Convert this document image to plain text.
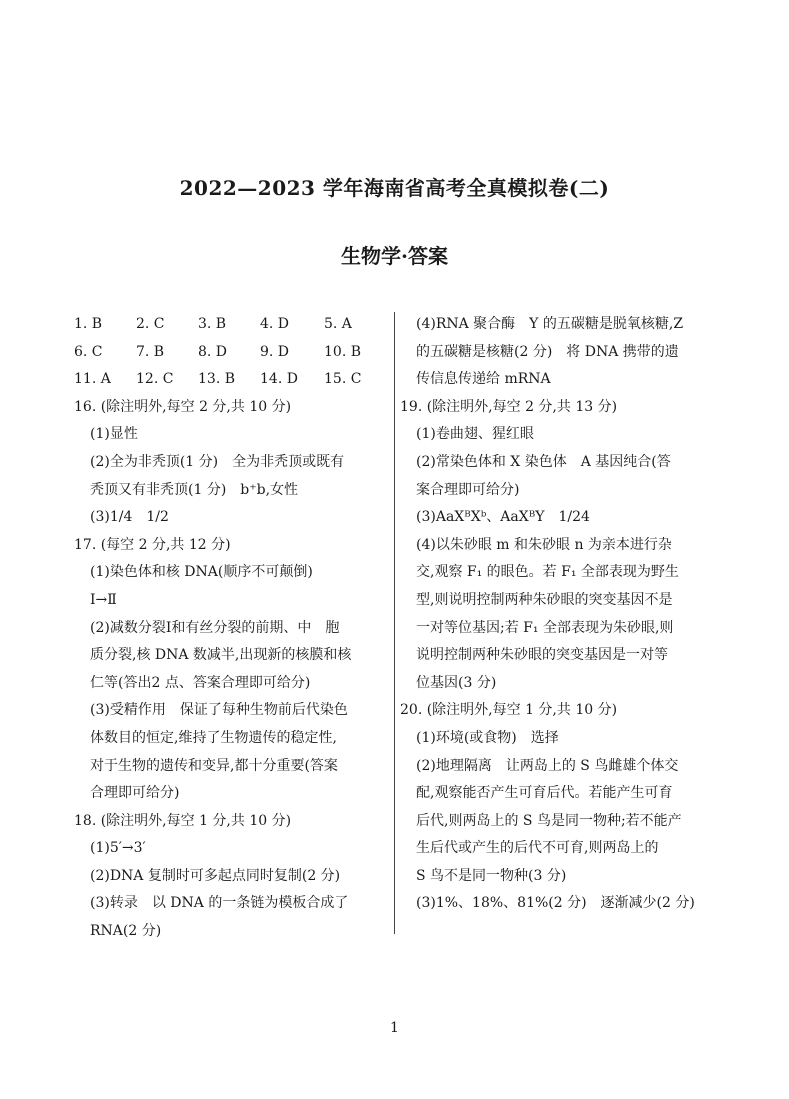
2022—2023 学年海南省高考全真模拟卷(二)
生物学·答案
1. B	2. C	3. B	4. D	5. A
6. C	7. B	8. D	9. D	10. B
11. A	12. C	13. B	14. D	15. C
16. (除注明外,每空 2 分,共 10 分)
(1)显性
(2)全为非秃顶(1 分)　全为非秃顶或既有
秃顶又有非秃顶(1 分)　b⁺b,女性
(3)1/4　1/2
17. (每空 2 分,共 12 分)
(1)染色体和核 DNA(顺序不可颠倒)
Ⅰ→Ⅱ
(2)减数分裂Ⅰ和有丝分裂的前期、中　胞
质分裂,核 DNA 数减半,出现新的核膜和核
仁等(答出2 点、答案合理即可给分)
(3)受精作用　保证了每种生物前后代染色
体数目的恒定,维持了生物遗传的稳定性,
对于生物的遗传和变异,都十分重要(答案
合理即可给分)
18. (除注明外,每空 1 分,共 10 分)
(1)5′→3′
(2)DNA 复制时可多起点同时复制(2 分)
(3)转录　以 DNA 的一条链为模板合成了
RNA(2 分)
(4)RNA 聚合酶　Y 的五碳糖是脱氧核糖,Z
的五碳糖是核糖(2 分)　将 DNA 携带的遗
传信息传递给 mRNA
19. (除注明外,每空 2 分,共 13 分)
(1)卷曲翅、猩红眼
(2)常染色体和 X 染色体　A 基因纯合(答
案合理即可给分)
(3)AaXᴮXᵇ、AaXᴮY　1/24
(4)以朱砂眼 m 和朱砂眼 n 为亲本进行杂
交,观察 F₁ 的眼色。若 F₁ 全部表现为野生
型,则说明控制两种朱砂眼的突变基因不是
一对等位基因;若 F₁ 全部表现为朱砂眼,则
说明控制两种朱砂眼的突变基因是一对等
位基因(3 分)
20. (除注明外,每空 1 分,共 10 分)
(1)环境(或食物)　选择
(2)地理隔离　让两岛上的 S 鸟雌雄个体交
配,观察能否产生可育后代。若能产生可育
后代,则两岛上的 S 鸟是同一物种;若不能产
生后代或产生的后代不可育,则两岛上的
S 鸟不是同一物种(3 分)
(3)1%、18%、81%(2 分)　逐渐减少(2 分)
1
